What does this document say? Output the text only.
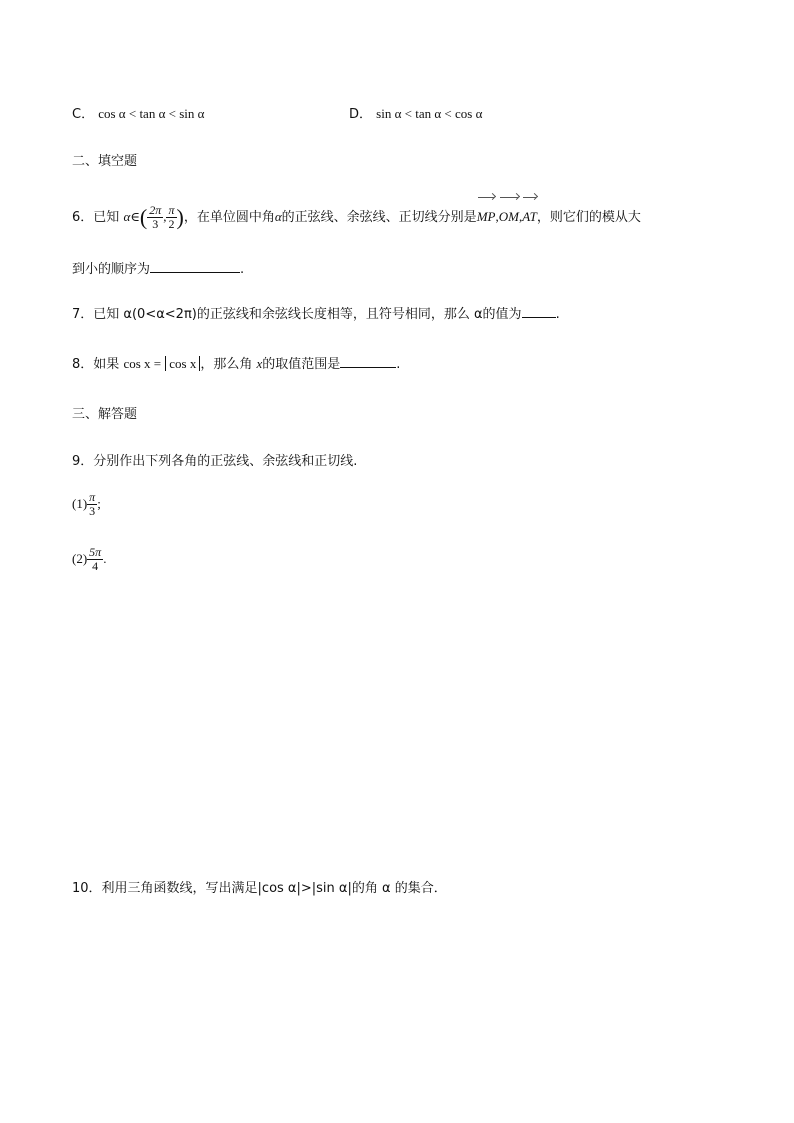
C． cos α < tan α < sin α	D． sin α < tan α < cos α
二、填空题
6．已知 α∈( $\frac{2\pi}{3}$ , $\frac{\pi}{2}$ )，在单位圆中角α的正弦线、余弦线、正切线分别是MP,OM,AT，则它们的模从大
到小的顺序为	.
7．已知 α(0<α<2π)的正弦线和余弦线长度相等，且符号相同，那么 α的值为	.
8．如果 cos x = cos x ，那么角 x的取值范围是	.
三、解答题
9．分别作出下列各角的正弦线、余弦线和正切线.
$(1) \frac{\pi}{3}$ ;
$(2) \frac{5\pi}{4}$ .
10．利用三角函数线，写出满足|cos α|>|sin α|的角 α 的集合．
